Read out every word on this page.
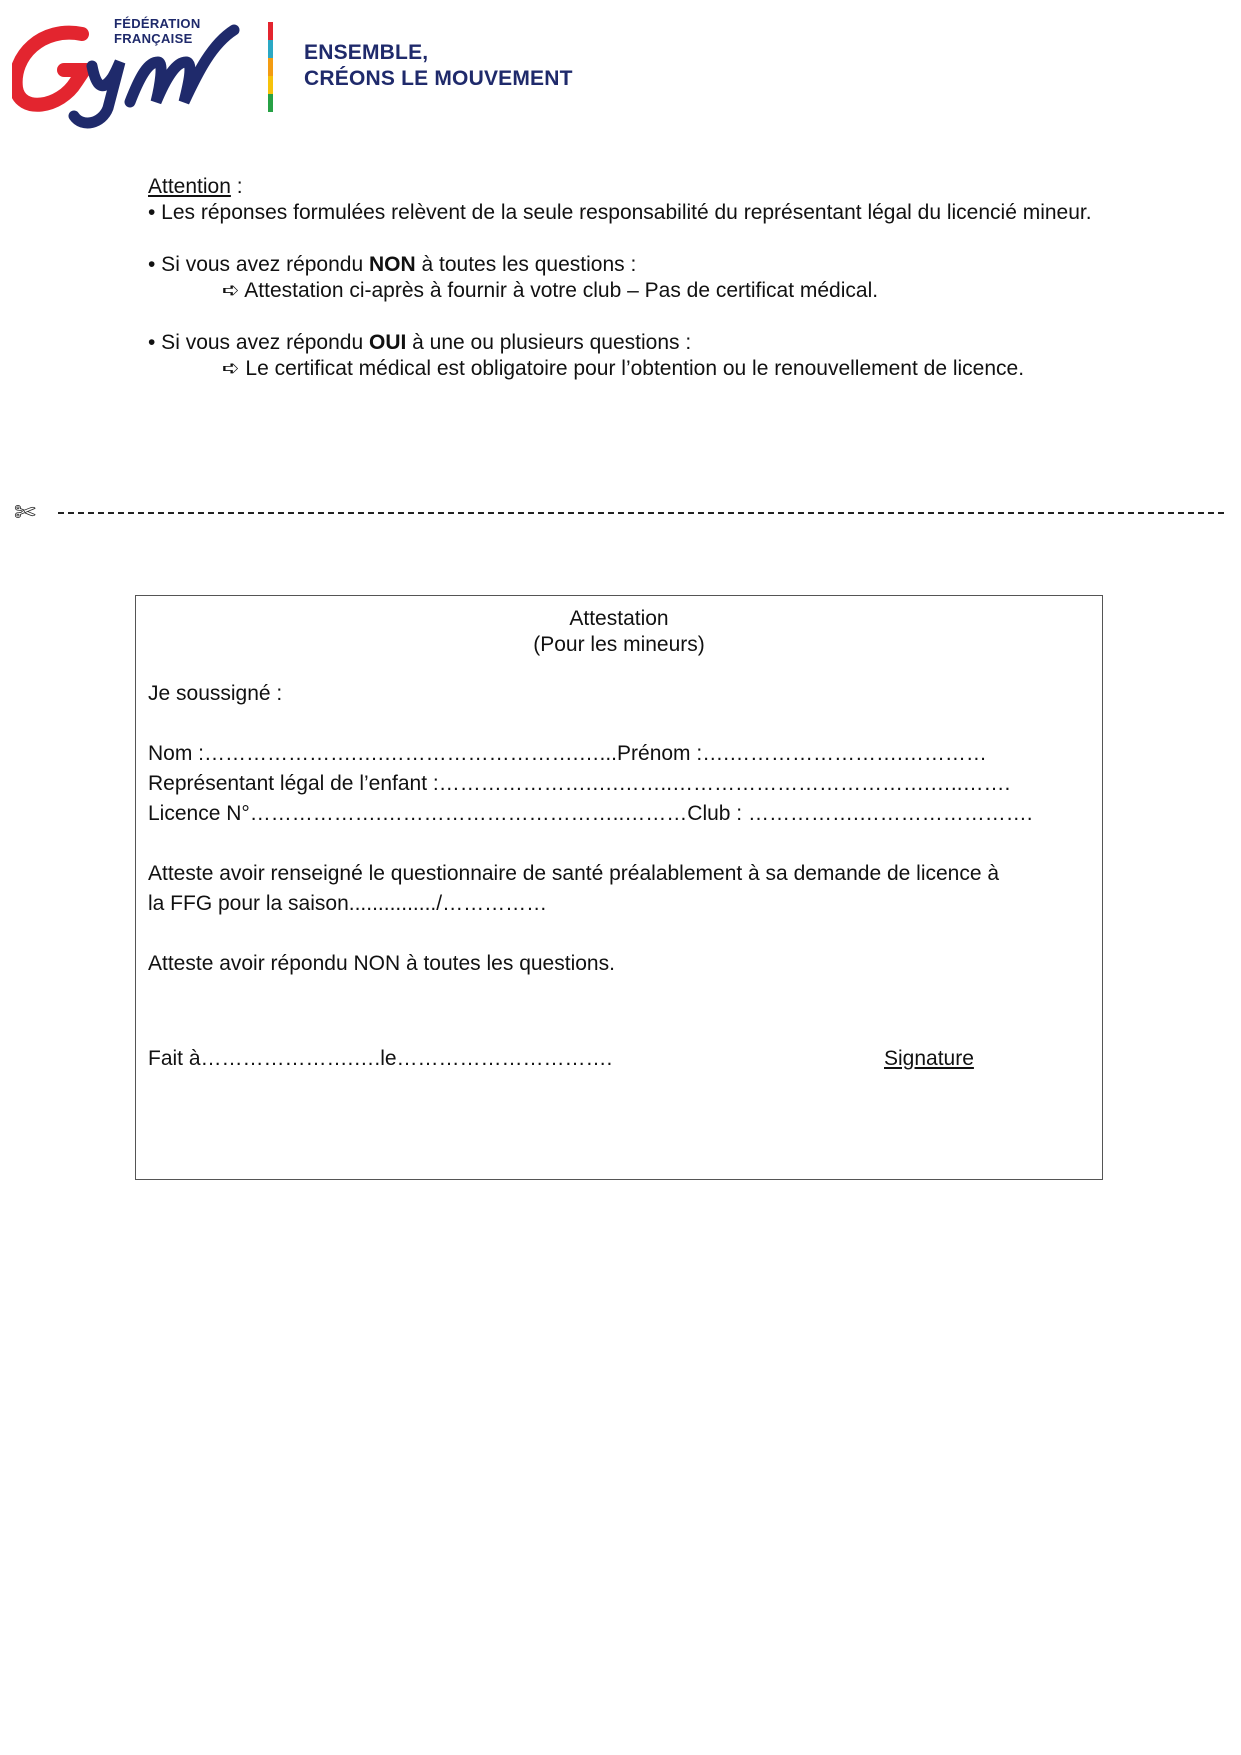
FÉDÉRATION
FRANÇAISE
ENSEMBLE,
CRÉONS LE MOUVEMENT

Attention :

• Les réponses formulées relèvent de la seule responsabilité du représentant légal du licencié mineur.

• Si vous avez répondu NON à toutes les questions :

➪ Attestation ci-après à fournir à votre club – Pas de certificat médical.

• Si vous avez répondu OUI à une ou plusieurs questions :

➪ Le certificat médical est obligatoire pour l’obtention ou le renouvellement de licence.

✄
Attestation
(Pour les mineurs)
Je soussigné :
Nom :………………….….……………………….…...Prénom :….…………………….…………
Représentant légal de l’enfant :………………….….……..……………………………….…..…….
Licence N°……………….……………………………..………Club : …………….…………………….
Atteste avoir renseigné le questionnaire de santé préalablement à sa demande de licence à
la FFG pour la saison.............../……………
Atteste avoir répondu NON à toutes les questions.
Fait à………………….….le………………………….	Signature
